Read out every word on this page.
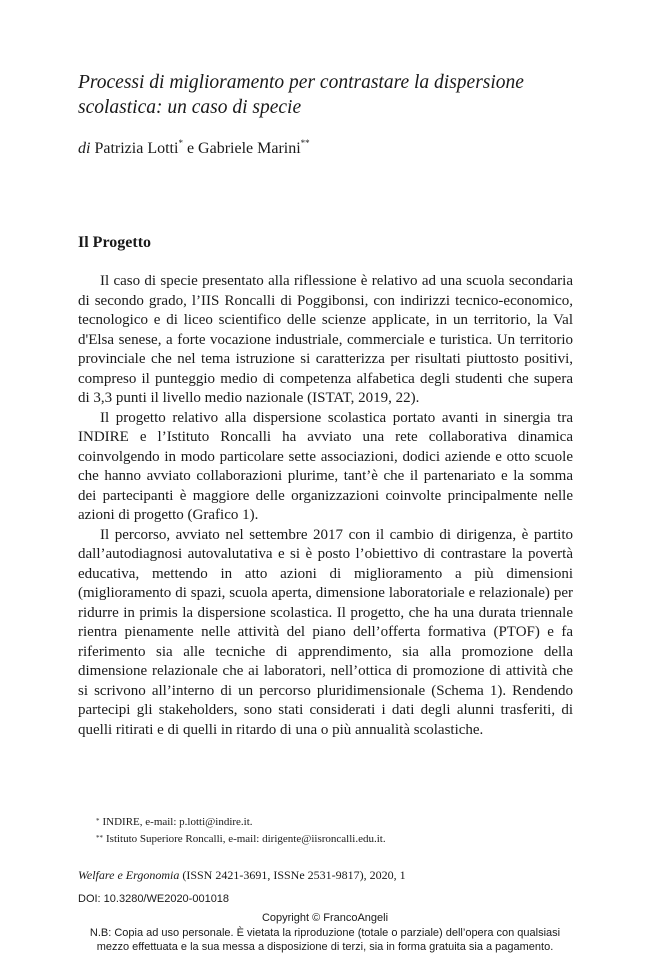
Processi di miglioramento per contrastare la dispersione scolastica: un caso di specie
di Patrizia Lotti* e Gabriele Marini**
Il Progetto

Il caso di specie presentato alla riflessione è relativo ad una scuola secondaria di secondo grado, l’IIS Roncalli di Poggibonsi, con indirizzi tecnico-economico, tecnologico e di liceo scientifico delle scienze applicate, in un territorio, la Val d'Elsa senese, a forte vocazione industriale, commerciale e turistica. Un territorio provinciale che nel tema istruzione si caratterizza per risultati piuttosto positivi, compreso il punteggio medio di competenza alfabetica degli studenti che supera di 3,3 punti il livello medio nazionale (ISTAT, 2019, 22).

Il progetto relativo alla dispersione scolastica portato avanti in sinergia tra INDIRE e l’Istituto Roncalli ha avviato una rete collaborativa dinamica coinvolgendo in modo particolare sette associazioni, dodici aziende e otto scuole che hanno avviato collaborazioni plurime, tant’è che il partenariato e la somma dei partecipanti è maggiore delle organizzazioni coinvolte principalmente nelle azioni di progetto (Grafico 1).

Il percorso, avviato nel settembre 2017 con il cambio di dirigenza, è partito dall’autodiagnosi autovalutativa e si è posto l’obiettivo di contrastare la povertà educativa, mettendo in atto azioni di miglioramento a più dimensioni (miglioramento di spazi, scuola aperta, dimensione laboratoriale e relazionale) per ridurre in primis la dispersione scolastica. Il progetto, che ha una durata triennale rientra pienamente nelle attività del piano dell’offerta formativa (PTOF) e fa riferimento sia alle tecniche di apprendimento, sia alla promozione della dimensione relazionale che ai laboratori, nell’ottica di promozione di attività che si scrivono all’interno di un percorso pluridimensionale (Schema 1). Rendendo partecipi gli stakeholders, sono stati considerati i dati degli alunni trasferiti, di quelli ritirati e di quelli in ritardo di una o più annualità scolastiche.

* INDIRE, e-mail: p.lotti@indire.it.
** Istituto Superiore Roncalli, e-mail: dirigente@iisroncalli.edu.it.
Welfare e Ergonomia (ISSN 2421-3691, ISSNe 2531-9817), 2020, 1
DOI: 10.3280/WE2020-001018
Copyright © FrancoAngeli
N.B: Copia ad uso personale. È vietata la riproduzione (totale o parziale) dell’opera con qualsiasi
mezzo effettuata e la sua messa a disposizione di terzi, sia in forma gratuita sia a pagamento.
